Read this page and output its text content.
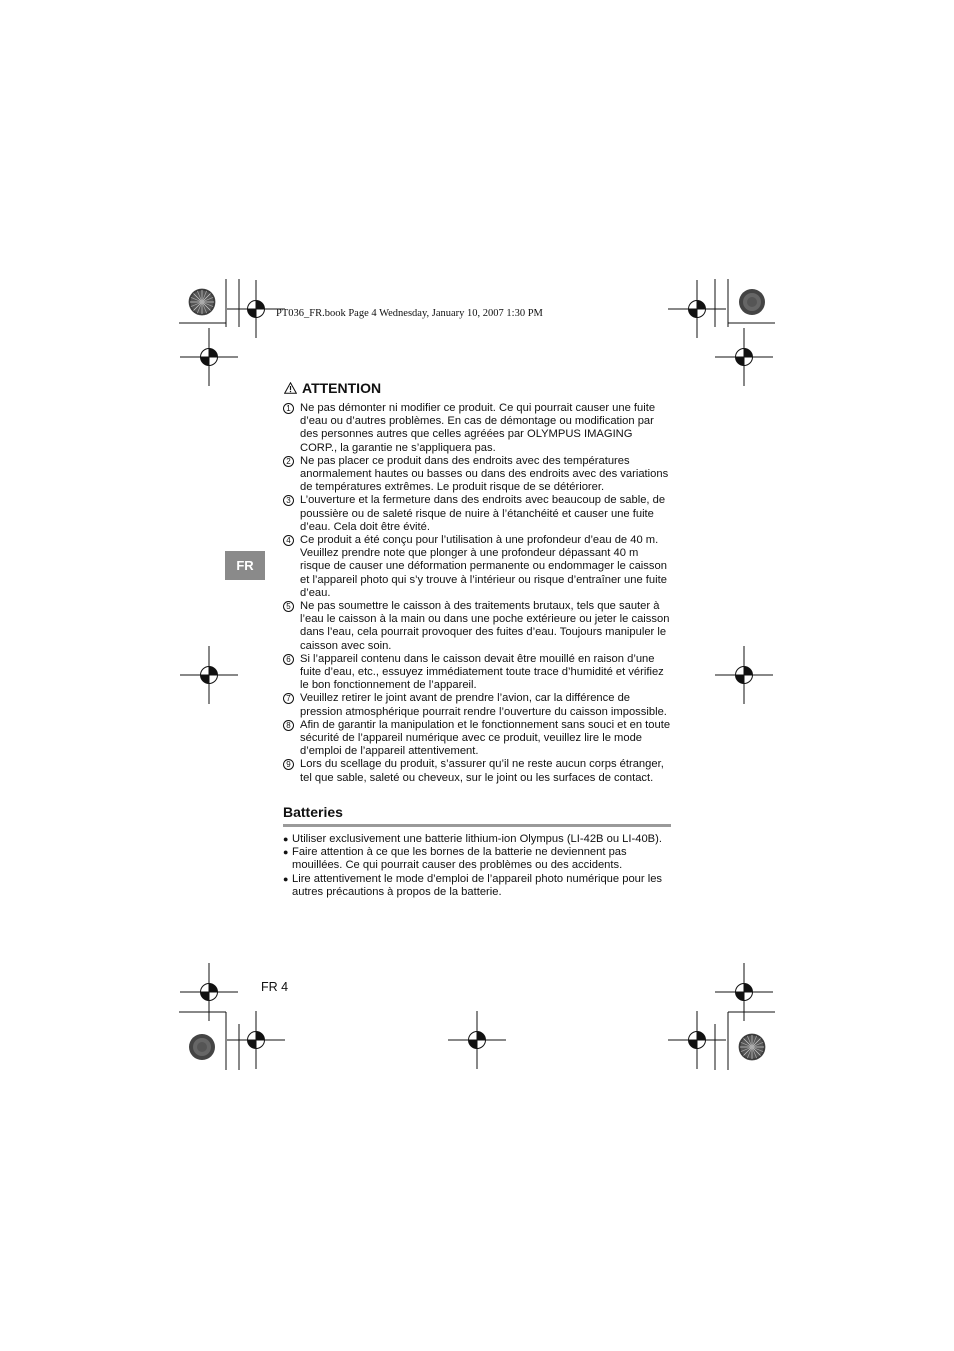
PT036_FR.book Page 4 Wednesday, January 10, 2007 1:30 PM
FR
ATTENTION
1 Ne pas démonter ni modifier ce produit. Ce qui pourrait causer une fuite d’eau ou d’autres problèmes. En cas de démontage ou modification par des personnes autres que celles agréées par OLYMPUS IMAGING CORP., la garantie ne s’appliquera pas.
2 Ne pas placer ce produit dans des endroits avec des températures anormalement hautes ou basses ou dans des endroits avec des variations de températures extrêmes. Le produit risque de se détériorer.
3 L’ouverture et la fermeture dans des endroits avec beaucoup de sable, de poussière ou de saleté risque de nuire à l’étanchéité et causer une fuite d’eau. Cela doit être évité.
4 Ce produit a été conçu pour l’utilisation à une profondeur d’eau de 40 m. Veuillez prendre note que plonger à une profondeur dépassant 40 m risque de causer une déformation permanente ou endommager le caisson et l’appareil photo qui s’y trouve à l’intérieur ou risque d’entraîner une fuite d’eau.
5 Ne pas soumettre le caisson à des traitements brutaux, tels que sauter à l’eau le caisson à la main ou dans une poche extérieure ou jeter le caisson dans l’eau, cela pourrait provoquer des fuites d’eau. Toujours manipuler le caisson avec soin.
6 Si l’appareil contenu dans le caisson devait être mouillé en raison d’une fuite d’eau, etc., essuyez immédiatement toute trace d’humidité et vérifiez le bon fonctionnement de l’appareil.
7 Veuillez retirer le joint avant de prendre l’avion, car la différence de pression atmosphérique pourrait rendre l’ouverture du caisson impossible.
8 Afin de garantir la manipulation et le fonctionnement sans souci et en toute sécurité de l’appareil numérique avec ce produit, veuillez lire le mode d’emploi de l’appareil attentivement.
9 Lors du scellage du produit, s’assurer qu’il ne reste aucun corps étranger, tel que sable, saleté ou cheveux, sur le joint ou les surfaces de contact.
Batteries
●
Utiliser exclusivement une batterie lithium-ion Olympus (LI-42B ou LI-40B).
●
Faire attention à ce que les bornes de la batterie ne deviennent pas mouillées. Ce qui pourrait causer des problèmes ou des accidents.
●
Lire attentivement le mode d’emploi de l’appareil photo numérique pour les autres précautions à propos de la batterie.
FR 4
